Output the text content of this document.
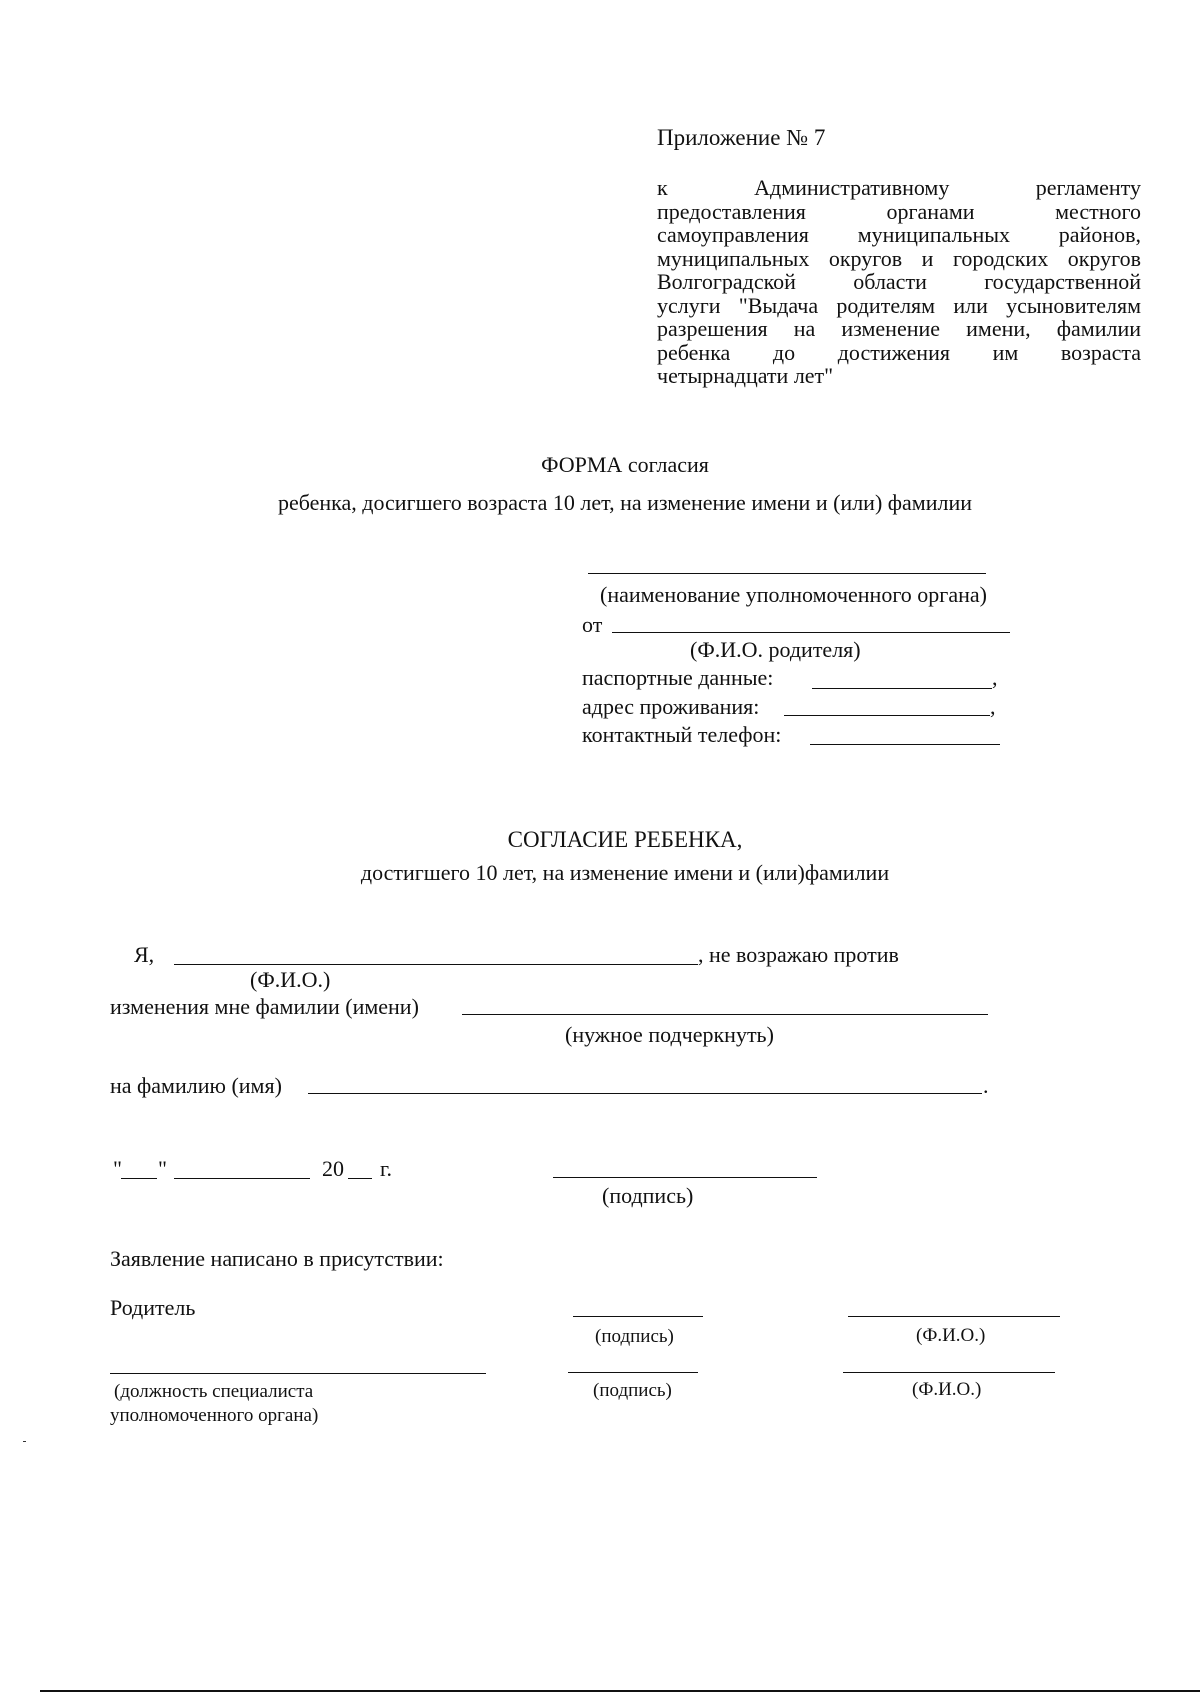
Приложение № 7
к Административному регламенту
предоставления органами местного
самоуправления муниципальных районов,
муниципальных округов и городских округов
Волгоградской области государственной
услуги "Выдача родителям или усыновителям
разрешения на изменение имени, фамилии
ребенка до достижения им возраста
четырнадцати лет"
ФОРМА согласия
ребенка, досигшего возраста 10 лет, на изменение имени и (или) фамилии
(наименование уполномоченного органа)
от
(Ф.И.О. родителя)
паспортные данные:	,
адрес проживания:	,
контактный телефон:
СОГЛАСИЕ РЕБЕНКА,
достигшего 10 лет, на изменение имени и (или)фамилии
Я,	, не возражаю против
(Ф.И.О.)
изменения мне фамилии (имени)
(нужное подчеркнуть)
на фамилию (имя)	.
" "	20 г.
(подпись)
Заявление написано в присутствии:
Родитель
(подпись)	(Ф.И.О.)
(должность специалиста
уполномоченного органа)
(подпись)	(Ф.И.О.)
